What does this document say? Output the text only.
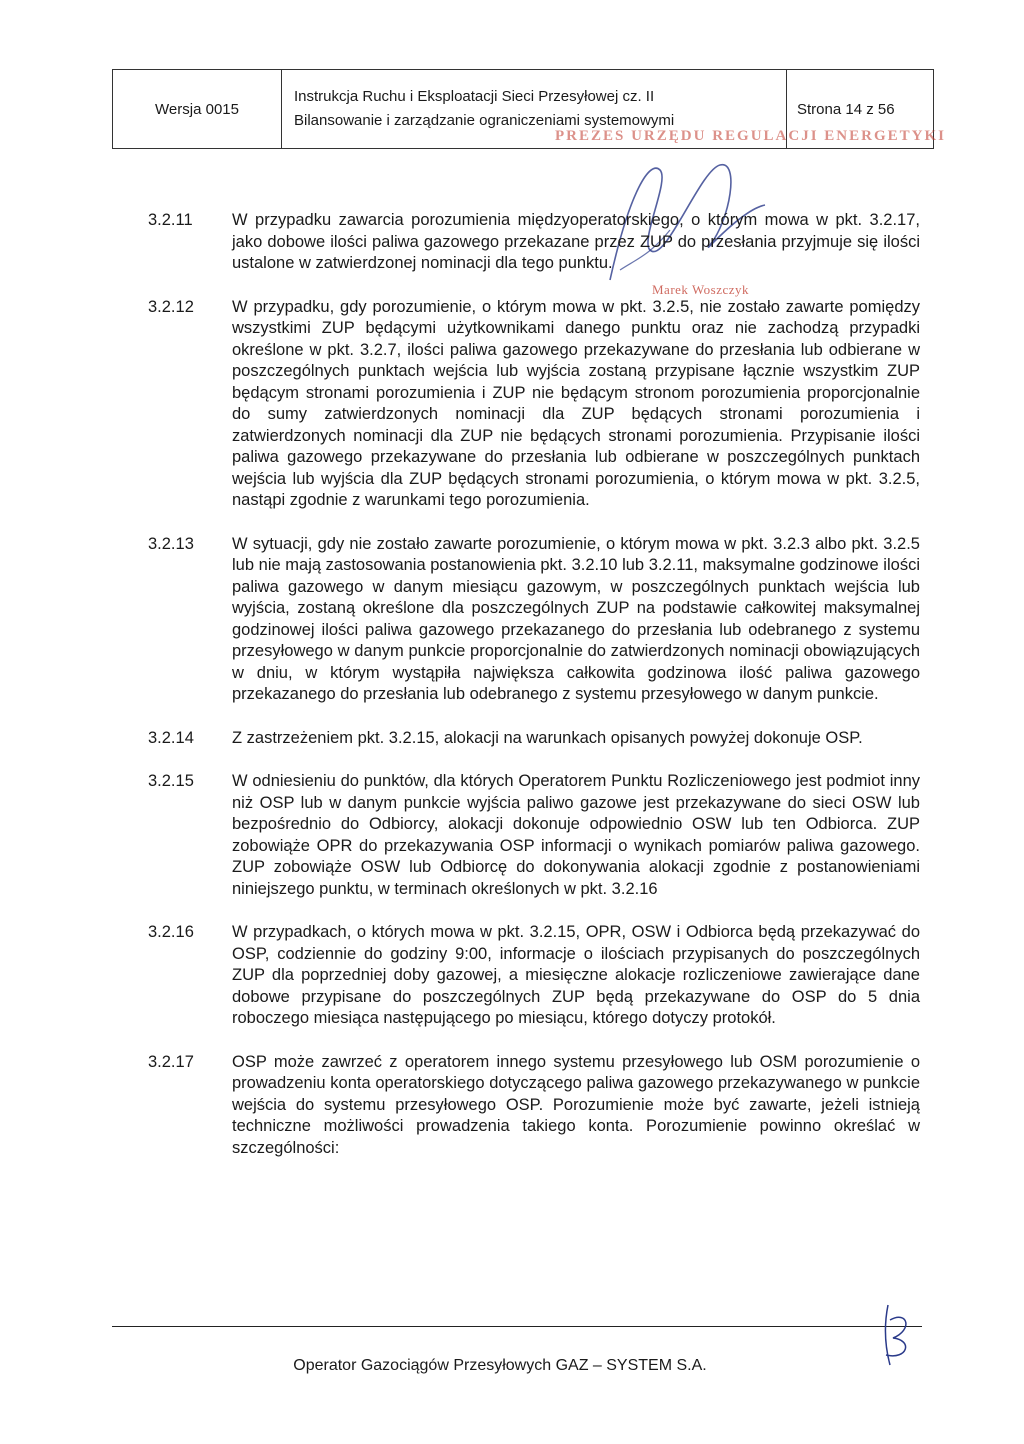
Wersja 0015
Instrukcja Ruchu i Eksploatacji Sieci Przesyłowej cz. II
Bilansowanie i zarządzanie ograniczeniami systemowymi
Strona 14 z 56
PREZES URZĘDU REGULACJI ENERGETYKI
Marek Woszczyk
3.2.11	W przypadku zawarcia porozumienia międzyoperatorskiego, o którym mowa w pkt. 3.2.17, jako dobowe ilości paliwa gazowego przekazane przez ZUP do przesłania przyjmuje się ilości ustalone w zatwierdzonej nominacji dla tego punktu.
3.2.12	W przypadku, gdy porozumienie, o którym mowa w pkt. 3.2.5, nie zostało zawarte pomiędzy wszystkimi ZUP będącymi użytkownikami danego punktu oraz nie zachodzą przypadki określone w pkt. 3.2.7, ilości paliwa gazowego przekazywane do przesłania lub odbierane w poszczególnych punktach wejścia lub wyjścia zostaną przypisane łącznie wszystkim ZUP będącym stronami porozumienia i ZUP nie będącym stronom porozumienia proporcjonalnie do sumy zatwierdzonych nominacji dla ZUP będących stronami porozumienia i zatwierdzonych nominacji dla ZUP nie będących stronami porozumienia. Przypisanie ilości paliwa gazowego przekazywane do przesłania lub odbierane w poszczególnych punktach wejścia lub wyjścia dla ZUP będących stronami porozumienia, o którym mowa w pkt. 3.2.5, nastąpi zgodnie z warunkami tego porozumienia.
3.2.13	W sytuacji, gdy nie zostało zawarte porozumienie, o którym mowa w pkt. 3.2.3 albo pkt. 3.2.5 lub nie mają zastosowania postanowienia pkt. 3.2.10 lub 3.2.11, maksymalne godzinowe ilości paliwa gazowego w danym miesiącu gazowym, w poszczególnych punktach wejścia lub wyjścia, zostaną określone dla poszczególnych ZUP na podstawie całkowitej maksymalnej godzinowej ilości paliwa gazowego przekazanego do przesłania lub odebranego z systemu przesyłowego w danym punkcie proporcjonalnie do zatwierdzonych nominacji obowiązujących w dniu, w którym wystąpiła największa całkowita godzinowa ilość paliwa gazowego przekazanego do przesłania lub odebranego z systemu przesyłowego w danym punkcie.
3.2.14	Z zastrzeżeniem pkt. 3.2.15, alokacji na warunkach opisanych powyżej dokonuje OSP.
3.2.15	W odniesieniu do punktów, dla których Operatorem Punktu Rozliczeniowego jest podmiot inny niż OSP lub w danym punkcie wyjścia paliwo gazowe jest przekazywane do sieci OSW lub bezpośrednio do Odbiorcy, alokacji dokonuje odpowiednio OSW lub ten Odbiorca. ZUP zobowiąże OPR do przekazywania OSP informacji o wynikach pomiarów paliwa gazowego. ZUP zobowiąże OSW lub Odbiorcę do dokonywania alokacji zgodnie z postanowieniami niniejszego punktu, w terminach określonych w pkt. 3.2.16
3.2.16	W przypadkach, o których mowa w pkt. 3.2.15, OPR, OSW i Odbiorca będą przekazywać do OSP, codziennie do godziny 9:00, informacje o ilościach przypisanych do poszczególnych ZUP dla poprzedniej doby gazowej, a miesięczne alokacje rozliczeniowe zawierające dane dobowe przypisane do poszczególnych ZUP będą przekazywane do OSP do 5 dnia roboczego miesiąca następującego po miesiącu, którego dotyczy protokół.
3.2.17	OSP może zawrzeć z operatorem innego systemu przesyłowego lub OSM porozumienie o prowadzeniu konta operatorskiego dotyczącego paliwa gazowego przekazywanego w punkcie wejścia do systemu przesyłowego OSP. Porozumienie może być zawarte, jeżeli istnieją techniczne możliwości prowadzenia takiego konta. Porozumienie powinno określać w szczególności:
Operator Gazociągów Przesyłowych GAZ – SYSTEM S.A.
